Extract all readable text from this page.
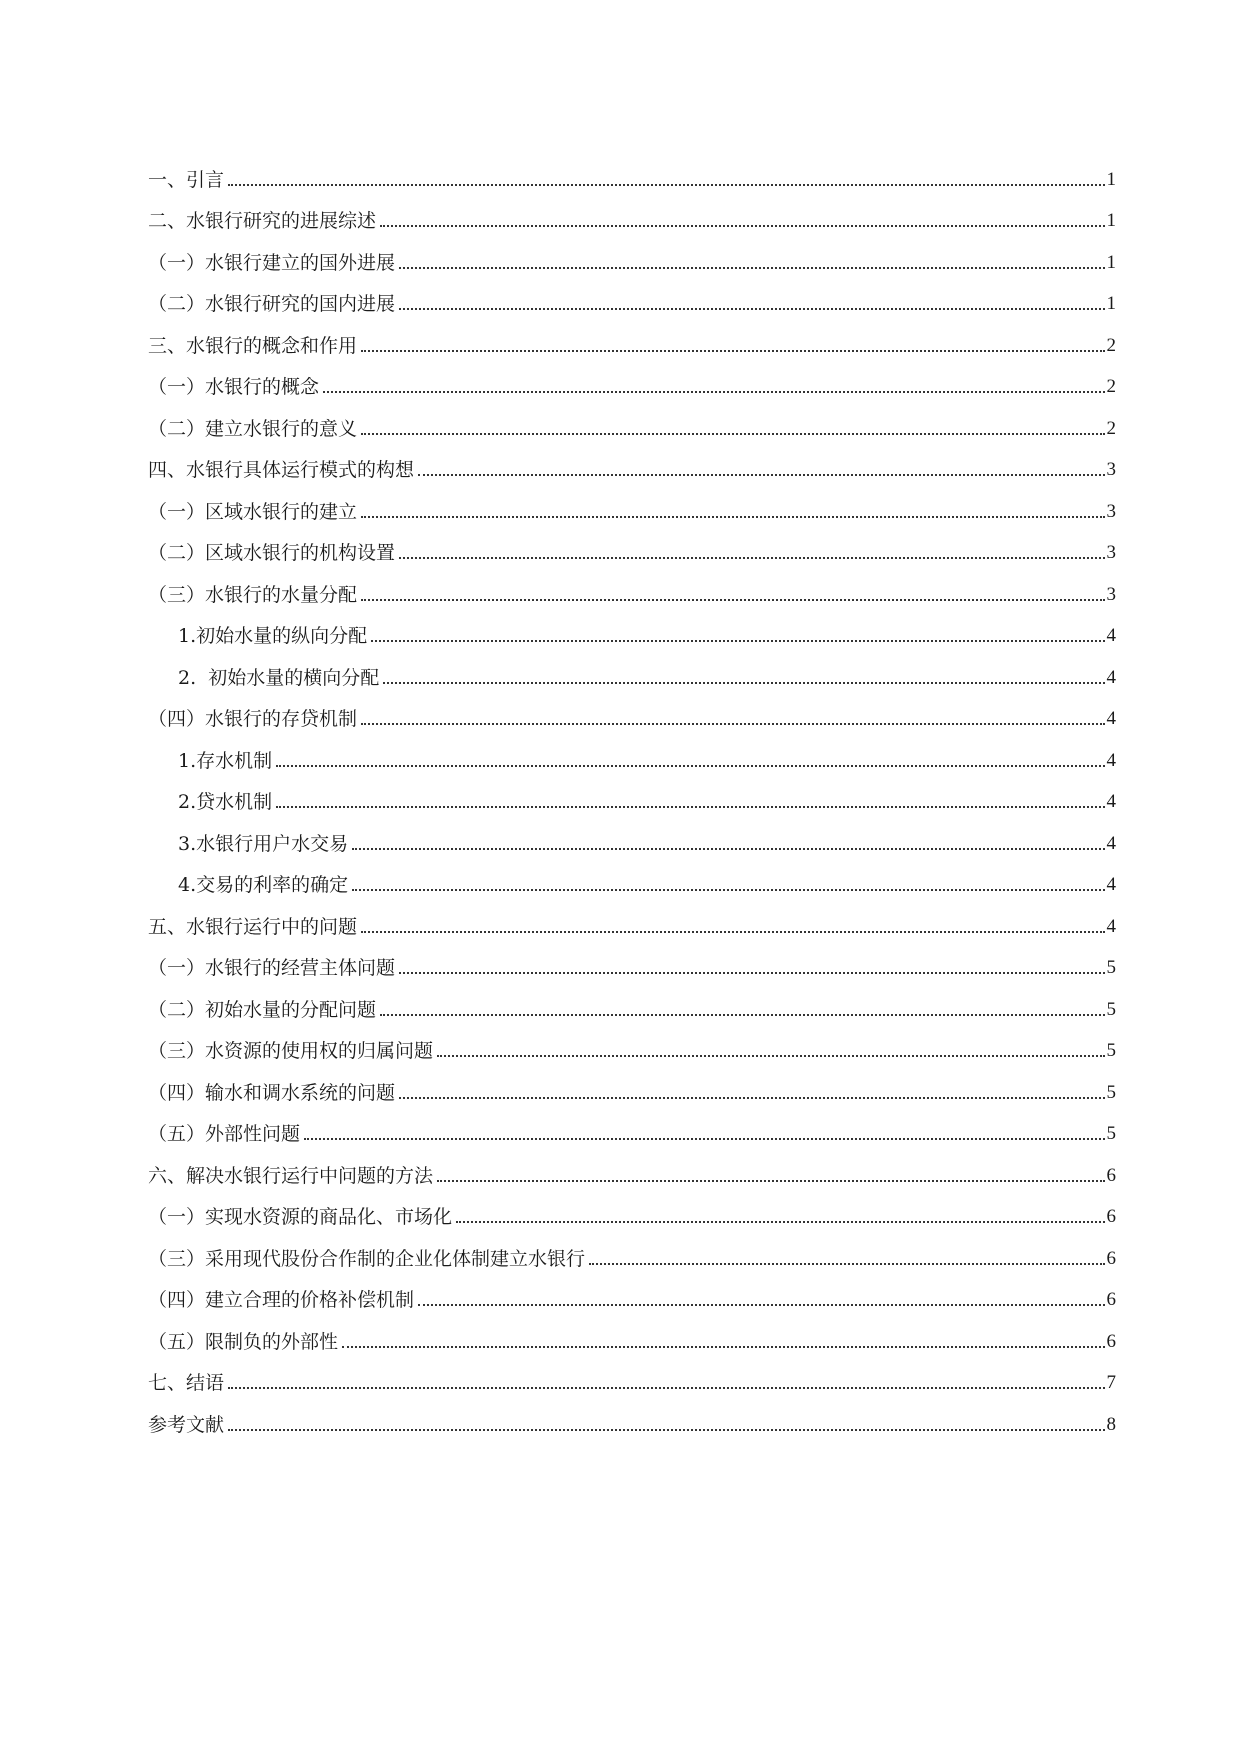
一、引言	1
二、水银行研究的进展综述	1
（一）水银行建立的国外进展	1
（二）水银行研究的国内进展	1
三、水银行的概念和作用	2
（一）水银行的概念	2
（二）建立水银行的意义	2
四、水银行具体运行模式的构想	3
（一）区域水银行的建立	3
（二）区域水银行的机构设置	3
（三）水银行的水量分配	3
1.初始水量的纵向分配	4
2.  初始水量的横向分配	4
（四）水银行的存贷机制	4
1.存水机制	4
2.贷水机制	4
3.水银行用户水交易	4
4.交易的利率的确定	4
五、水银行运行中的问题	4
（一）水银行的经营主体问题	5
（二）初始水量的分配问题	5
（三）水资源的使用权的归属问题	5
（四）输水和调水系统的问题	5
（五）外部性问题	5
六、解决水银行运行中问题的方法	6
（一）实现水资源的商品化、市场化	6
（三）采用现代股份合作制的企业化体制建立水银行	6
（四）建立合理的价格补偿机制	6
（五）限制负的外部性	6
七、结语	7
参考文献	8
